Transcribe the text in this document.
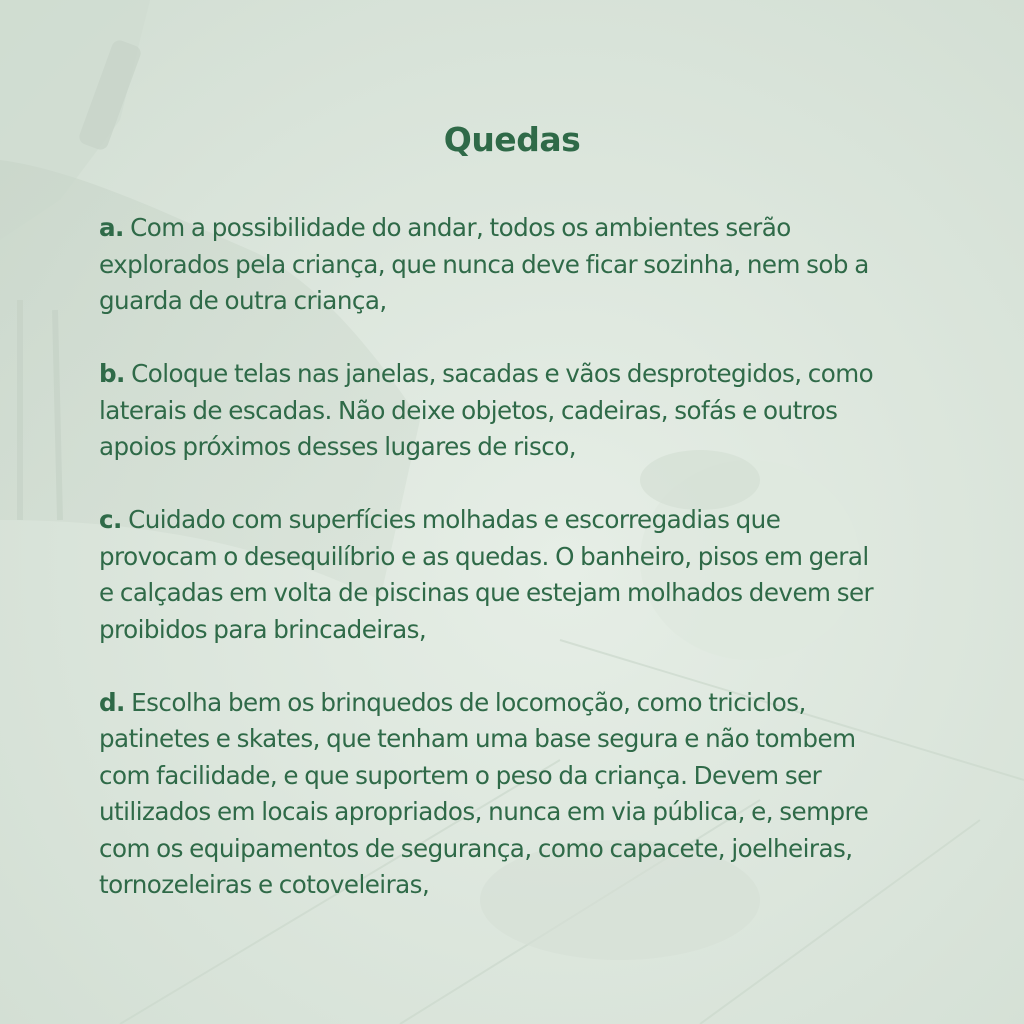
Quedas
a. Com a possibilidade do andar, todos os ambientes serão
explorados pela criança, que nunca deve ficar sozinha, nem sob a
guarda de outra criança,
b. Coloque telas nas janelas, sacadas e vãos desprotegidos, como
laterais de escadas. Não deixe objetos, cadeiras, sofás e outros
apoios próximos desses lugares de risco,
c. Cuidado com superfícies molhadas e escorregadias que
provocam o desequilíbrio e as quedas. O banheiro, pisos em geral
e calçadas em volta de piscinas que estejam molhados devem ser
proibidos para brincadeiras,
d. Escolha bem os brinquedos de locomoção, como triciclos,
patinetes e skates, que tenham uma base segura e não tombem
com facilidade, e que suportem o peso da criança. Devem ser
utilizados em locais apropriados, nunca em via pública, e, sempre
com os equipamentos de segurança, como capacete, joelheiras,
tornozeleiras e cotoveleiras,
